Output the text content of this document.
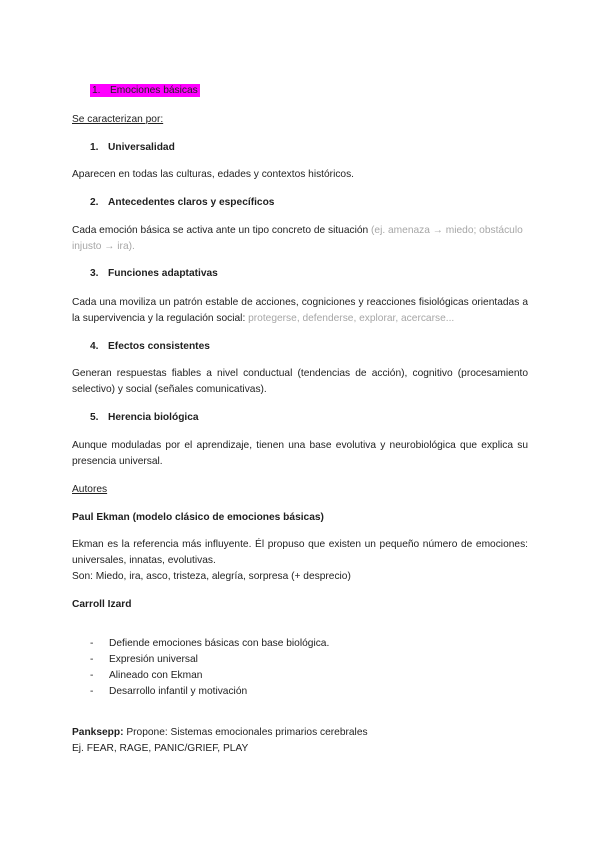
1. Emociones básicas
Se caracterizan por:
1. Universalidad
Aparecen en todas las culturas, edades y contextos históricos.
2. Antecedentes claros y específicos
Cada emoción básica se activa ante un tipo concreto de situación (ej. amenaza → miedo; obstáculo injusto → ira).
3. Funciones adaptativas
Cada una moviliza un patrón estable de acciones, cogniciones y reacciones fisiológicas orientadas a la supervivencia y la regulación social: protegerse, defenderse, explorar, acercarse...
4. Efectos consistentes
Generan respuestas fiables a nivel conductual (tendencias de acción), cognitivo (procesamiento selectivo) y social (señales comunicativas).
5. Herencia biológica
Aunque moduladas por el aprendizaje, tienen una base evolutiva y neurobiológica que explica su presencia universal.
Autores
Paul Ekman (modelo clásico de emociones básicas)
Ekman es la referencia más influyente. Él propuso que existen un pequeño número de emociones: universales, innatas, evolutivas.
Son: Miedo, ira, asco, tristeza, alegría, sorpresa (+ desprecio)
Carroll Izard
- Defiende emociones básicas con base biológica.
- Expresión universal
- Alineado con Ekman
- Desarrollo infantil y motivación
Panksepp: Propone: Sistemas emocionales primarios cerebrales
Ej. FEAR, RAGE, PANIC/GRIEF, PLAY
